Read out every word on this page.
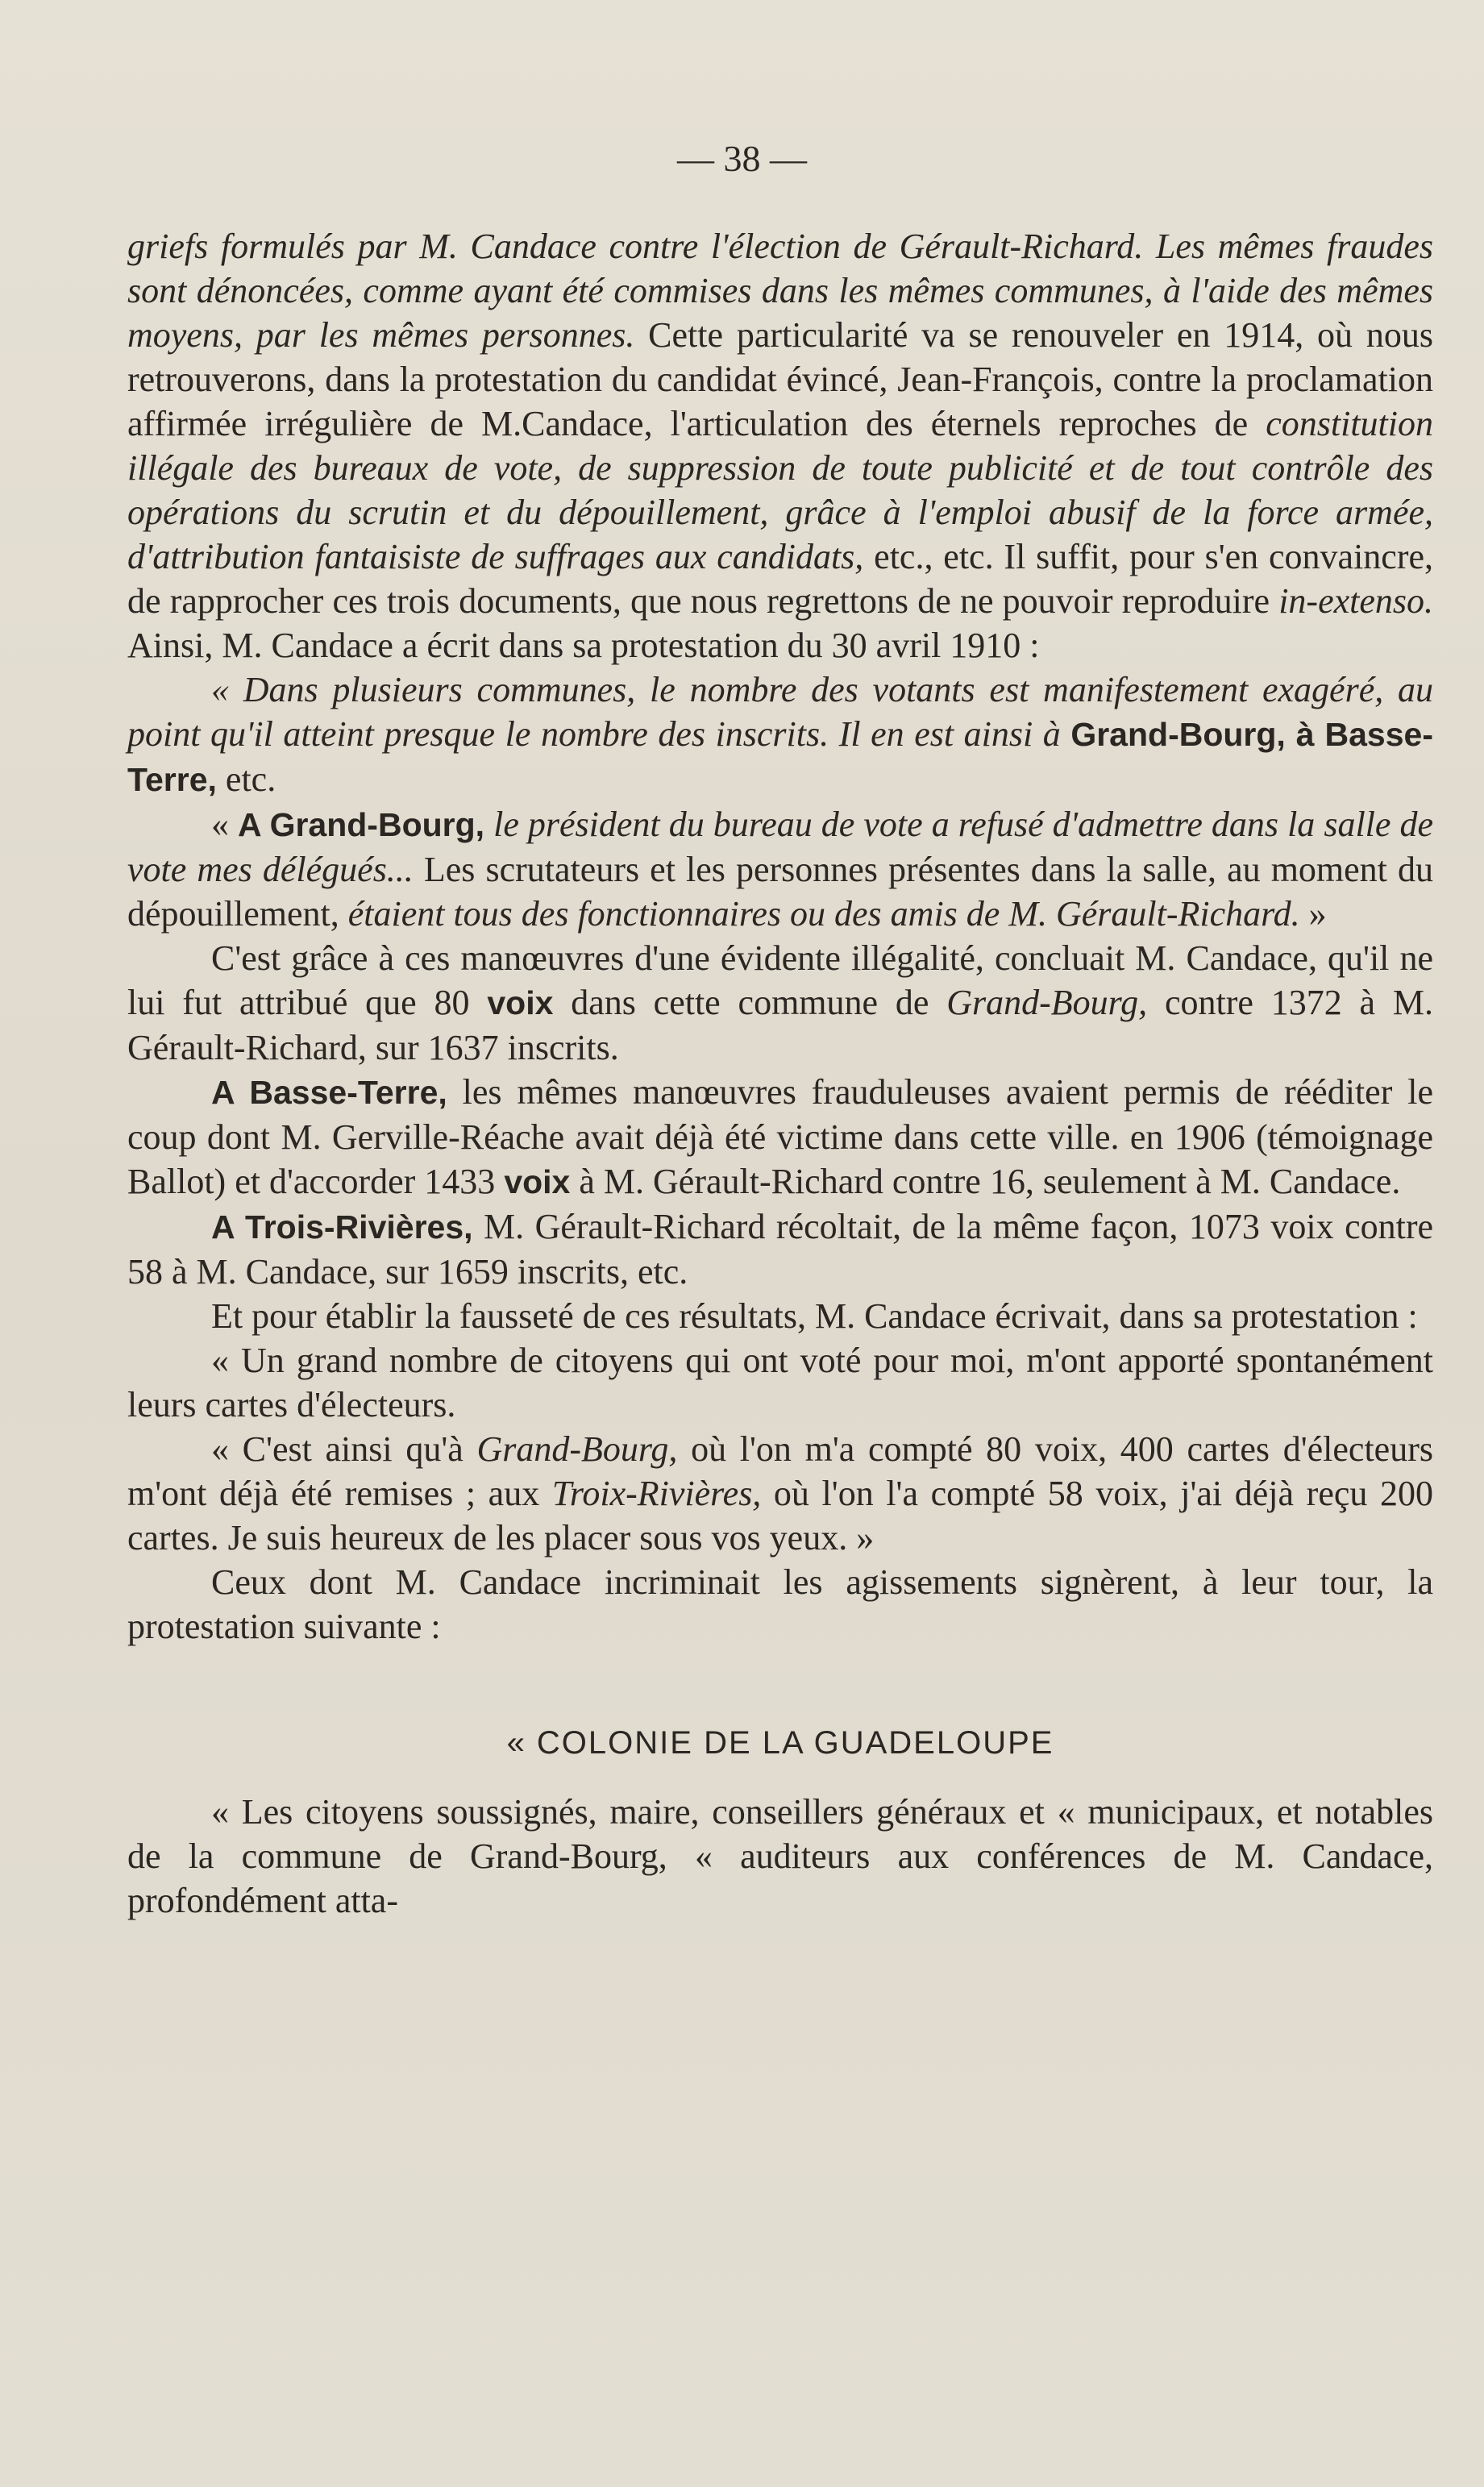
— 38 —

griefs formulés par M. Candace contre l'élection de Gérault-Richard. Les mêmes fraudes sont dénoncées, comme ayant été commises dans les mêmes communes, à l'aide des mêmes moyens, par les mêmes personnes. Cette particularité va se renouveler en 1914, où nous retrouverons, dans la protestation du candidat évincé, Jean-François, contre la proclamation affirmée irrégulière de M.Candace, l'articulation des éternels reproches de constitution illégale des bureaux de vote, de suppression de toute publicité et de tout contrôle des opérations du scrutin et du dépouillement, grâce à l'emploi abusif de la force armée, d'attribution fantaisiste de suffrages aux candidats, etc., etc. Il suffit, pour s'en convaincre, de rapprocher ces trois documents, que nous regrettons de ne pouvoir reproduire in-extenso. Ainsi, M. Candace a écrit dans sa protestation du 30 avril 1910 :

« Dans plusieurs communes, le nombre des votants est manifestement exagéré, au point qu'il atteint presque le nombre des inscrits. Il en est ainsi à Grand-Bourg, à Basse-Terre, etc.

« A Grand-Bourg, le président du bureau de vote a refusé d'admettre dans la salle de vote mes délégués... Les scrutateurs et les personnes présentes dans la salle, au moment du dépouillement, étaient tous des fonctionnaires ou des amis de M. Gérault-Richard. »

C'est grâce à ces manœuvres d'une évidente illégalité, concluait M. Candace, qu'il ne lui fut attribué que 80 voix dans cette commune de Grand-Bourg, contre 1372 à M. Gérault-Richard, sur 1637 inscrits.

A Basse-Terre, les mêmes manœuvres frauduleuses avaient permis de rééditer le coup dont M. Gerville-Réache avait déjà été victime dans cette ville. en 1906 (témoignage Ballot) et d'accorder 1433 voix à M. Gérault-Richard contre 16, seulement à M. Candace.

A Trois-Rivières, M. Gérault-Richard récoltait, de la même façon, 1073 voix contre 58 à M. Candace, sur 1659 inscrits, etc.

Et pour établir la fausseté de ces résultats, M. Candace écrivait, dans sa protestation :

« Un grand nombre de citoyens qui ont voté pour moi, m'ont apporté spontanément leurs cartes d'électeurs.

« C'est ainsi qu'à Grand-Bourg, où l'on m'a compté 80 voix, 400 cartes d'électeurs m'ont déjà été remises ; aux Troix-Rivières, où l'on l'a compté 58 voix, j'ai déjà reçu 200 cartes. Je suis heureux de les placer sous vos yeux. »

Ceux dont M. Candace incriminait les agissements signèrent, à leur tour, la protestation suivante :

« COLONIE DE LA GUADELOUPE

« Les citoyens soussignés, maire, conseillers généraux et « municipaux, et notables de la commune de Grand-Bourg, « auditeurs aux conférences de M. Candace, profondément atta-
